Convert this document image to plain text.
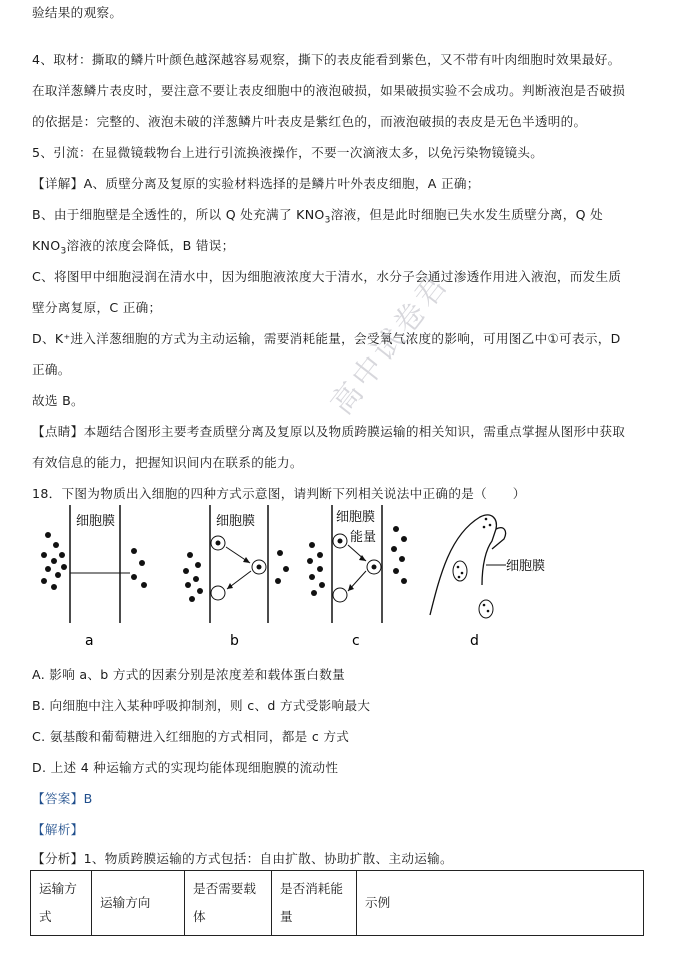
验结果的观察。
4、取材：撕取的鳞片叶颜色越深越容易观察，撕下的表皮能看到紫色，又不带有叶肉细胞时效果最好。
在取洋葱鳞片表皮时，要注意不要让表皮细胞中的液泡破损，如果破损实验不会成功。判断液泡是否破损
的依据是：完整的、液泡未破的洋葱鳞片叶表皮是紫红色的，而液泡破损的表皮是无色半透明的。
5、引流：在显微镜载物台上进行引流换液操作，不要一次滴液太多，以免污染物镜镜头。
【详解】A、质壁分离及复原的实验材料选择的是鳞片叶外表皮细胞，A 正确；
B、由于细胞壁是全透性的，所以 Q 处充满了 $KNO_3$溶液，但是此时细胞已失水发生质壁分离，Q 处
$KNO_3$溶液的浓度会降低，B 错误；
C、将图甲中细胞浸润在清水中，因为细胞液浓度大于清水，水分子会通过渗透作用进入液泡，而发生质
壁分离复原，C 正确；
D、K⁺进入洋葱细胞的方式为主动运输，需要消耗能量，会受氧气浓度的影响，可用图乙中①可表示，D
正确。
故选 B。
【点睛】本题结合图形主要考查质壁分离及复原以及物质跨膜运输的相关知识，需重点掌握从图形中获取
有效信息的能力，把握知识间内在联系的能力。
18．下图为物质出入细胞的四种方式示意图，请判断下列相关说法中正确的是（　　）
高中试卷君
细胞膜
a
细胞膜
b
细胞膜
能量
c
细胞膜
d
A. 影响 a、b 方式的因素分别是浓度差和载体蛋白数量
B. 向细胞中注入某种呼吸抑制剂，则 c、d 方式受影响最大
C. 氨基酸和葡萄糖进入红细胞的方式相同，都是 c 方式
D. 上述 4 种运输方式的实现均能体现细胞膜的流动性
【答案】B
【解析】
【分析】1、物质跨膜运输的方式包括：自由扩散、协助扩散、主动运输。
运输方式	运输方向	是否需要载体	是否消耗能量	示例
